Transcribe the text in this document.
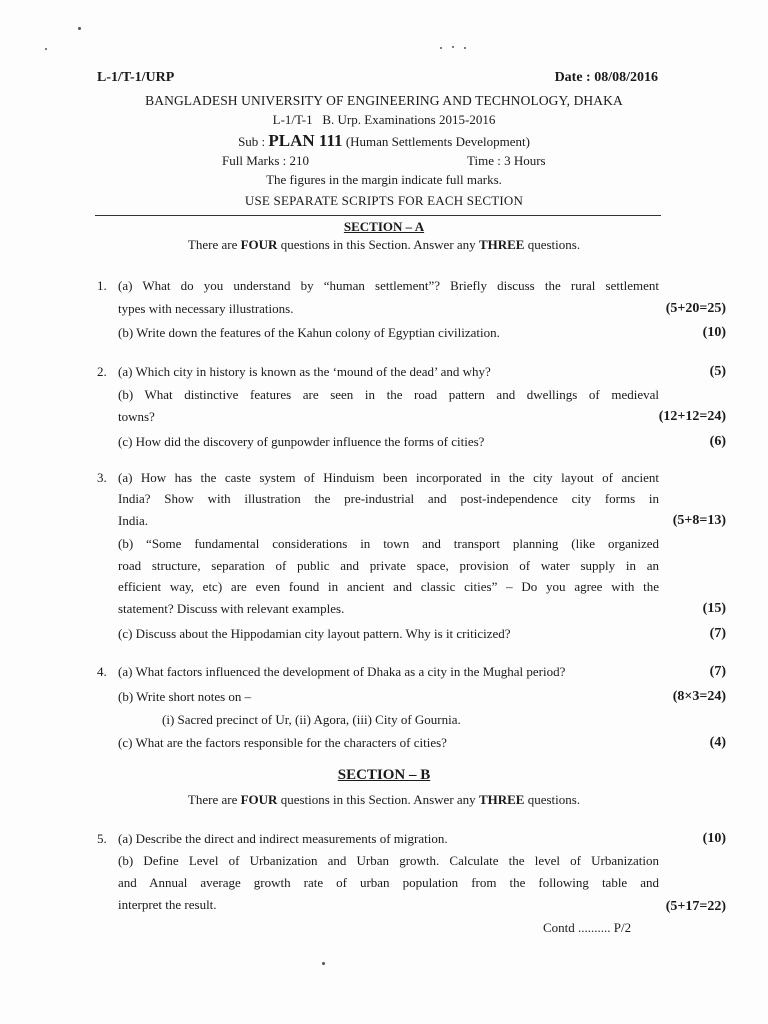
L-1/T-1/URP	Date : 08/08/2016
BANGLADESH UNIVERSITY OF ENGINEERING AND TECHNOLOGY, DHAKA
L-1/T-1   B. Urp. Examinations 2015-2016
Sub : PLAN 111 (Human Settlements Development)
Full Marks : 210	Time : 3 Hours
The figures in the margin indicate full marks.
USE SEPARATE SCRIPTS FOR EACH SECTION
SECTION – A
There are FOUR questions in this Section. Answer any THREE questions.
1. (a) What do you understand by “human settlement”? Briefly discuss the rural settlement
types with necessary illustrations.	(5+20=25)
(b) Write down the features of the Kahun colony of Egyptian civilization.	(10)
2. (a) Which city in history is known as the ‘mound of the dead’ and why?	(5)
(b) What distinctive features are seen in the road pattern and dwellings of medieval
towns?	(12+12=24)
(c) How did the discovery of gunpowder influence the forms of cities?	(6)
3. (a) How has the caste system of Hinduism been incorporated in the city layout of ancient
India? Show with illustration the pre-industrial and post-independence city forms in
India.	(5+8=13)
(b) “Some fundamental considerations in town and transport planning (like organized
road structure, separation of public and private space, provision of water supply in an
efficient way, etc) are even found in ancient and classic cities” – Do you agree with the
statement? Discuss with relevant examples.	(15)
(c) Discuss about the Hippodamian city layout pattern. Why is it criticized?	(7)
4. (a) What factors influenced the development of Dhaka as a city in the Mughal period?	(7)
(b) Write short notes on –	(8×3=24)
(i) Sacred precinct of Ur, (ii) Agora, (iii) City of Gournia.
(c) What are the factors responsible for the characters of cities?	(4)
SECTION – B
There are FOUR questions in this Section. Answer any THREE questions.
5. (a) Describe the direct and indirect measurements of migration.	(10)
(b) Define Level of Urbanization and Urban growth. Calculate the level of Urbanization
and Annual average growth rate of urban population from the following table and
interpret the result.	(5+17=22)
Contd .......... P/2
